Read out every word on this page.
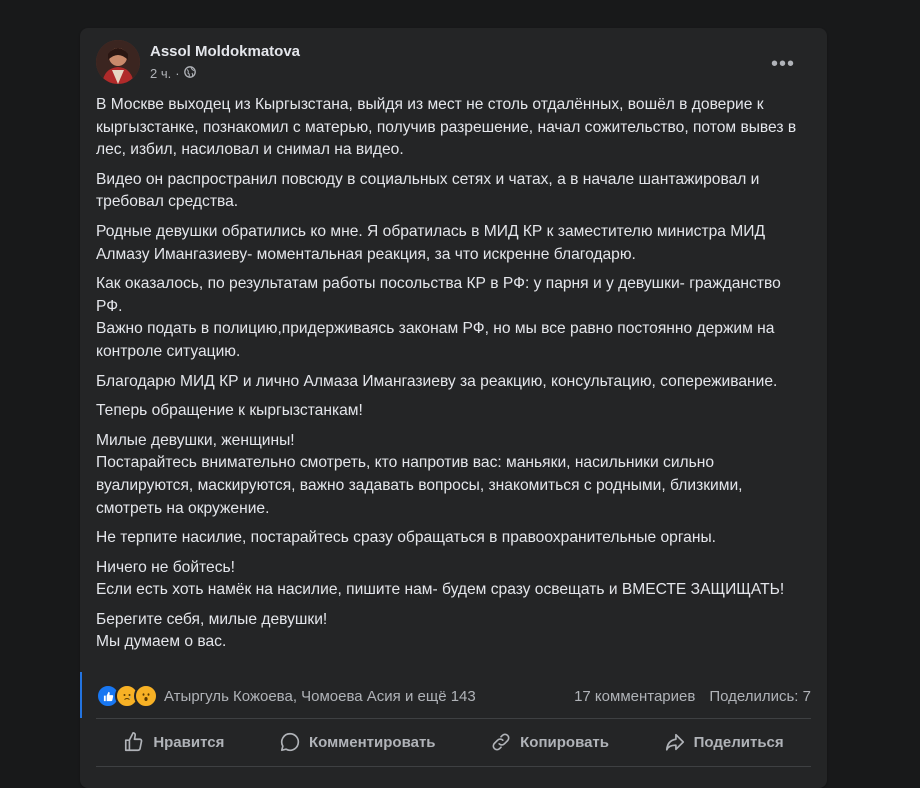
Assol Moldokmatova
2 ч. ·	•••

В Москве выходец из Кыргызстана, выйдя из мест не столь отдалённых, вошёл в доверие к кыргызстанке, познакомил с матерью, получив разрешение, начал сожительство, потом вывез в лес, избил, насиловал и снимал на видео.

Видео он распространил повсюду в социальных сетях и чатах, а в начале шантажировал и требовал средства.

Родные девушки обратились ко мне. Я обратилась в МИД КР к заместителю министра МИД Алмазу Имангазиеву- моментальная реакция, за что искренне благодарю.

Как оказалось, по результатам работы посольства КР в РФ: у парня и у девушки- гражданство РФ.
Важно подать в полицию,придерживаясь законам РФ, но мы все равно постоянно держим на контроле ситуацию.

Благодарю МИД КР и лично Алмаза Имангазиеву за реакцию, консультацию, сопереживание.

Теперь обращение к кыргызстанкам!

Милые девушки, женщины!
Постарайтесь внимательно смотреть, кто напротив вас: маньяки, насильники сильно вуалируются, маскируются, важно задавать вопросы, знакомиться с родными, близкими, смотреть на окружение.

Не терпите насилие, постарайтесь сразу обращаться в правоохранительные органы.

Ничего не бойтесь!
Если есть хоть намёк на насилие, пишите нам- будем сразу освещать и ВМЕСТЕ ЗАЩИЩАТЬ!

Берегите себя, милые девушки!
Мы думаем о вас.

Атыргуль Кожоева, Чомоева Асия и ещё 143	17 комментариев Поделились: 7
Нравится	Комментировать	Копировать	Поделиться
